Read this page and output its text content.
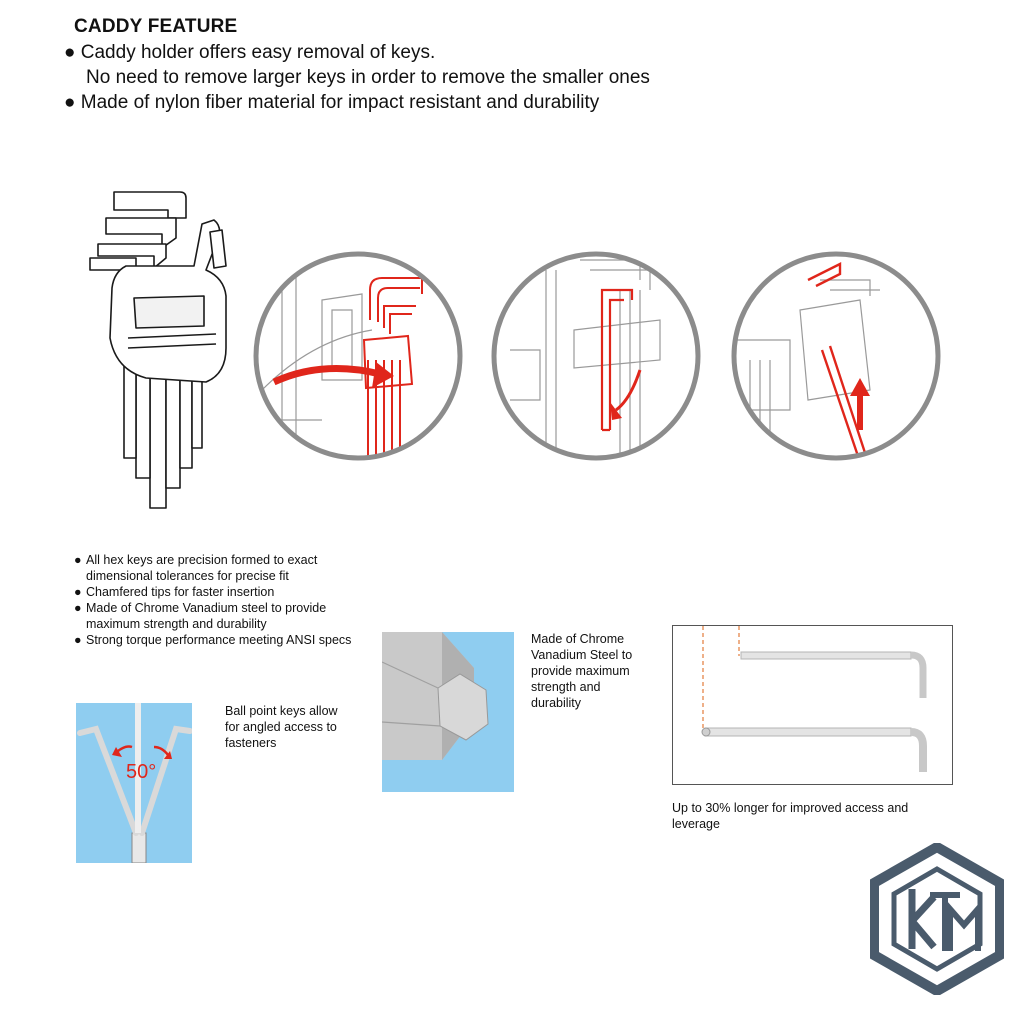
CADDY FEATURE
● Caddy holder offers easy removal of keys.
No need to remove larger keys in order to remove the smaller ones
● Made of nylon fiber material for impact resistant and durability
● All hex keys are precision formed to exact dimensional tolerances for precise fit
● Chamfered tips for faster insertion
● Made of Chrome Vanadium steel to provide maximum strength and durability
● Strong torque performance meeting ANSI specs
50°
Ball point keys allow for angled access to fasteners
Made of Chrome Vanadium Steel to provide maximum strength and durability
Up to 30% longer for improved access and leverage
